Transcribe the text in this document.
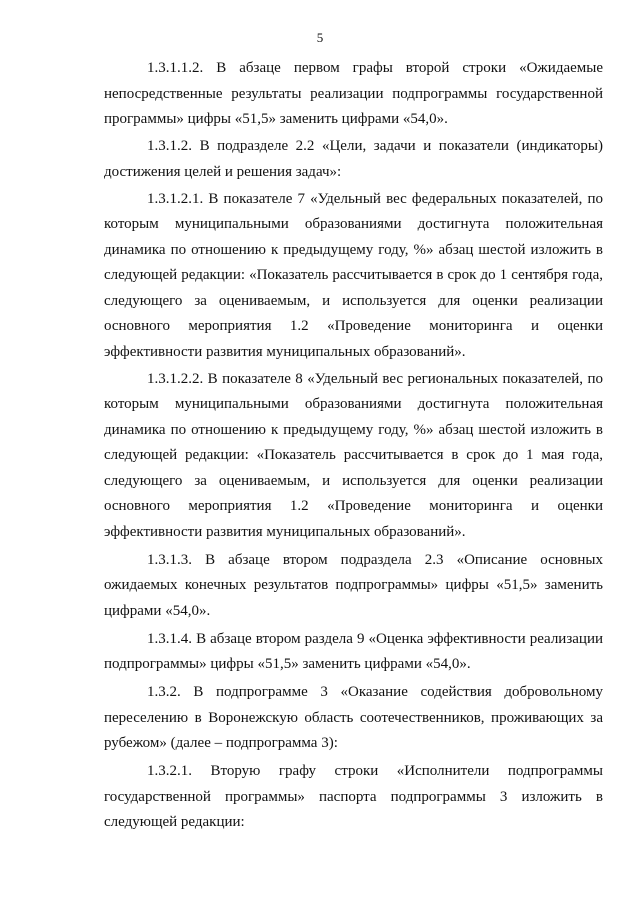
5

1.3.1.1.2. В абзаце первом графы второй строки «Ожидаемые непосредственные результаты реализации подпрограммы государственной программы» цифры «51,5» заменить цифрами «54,0».

1.3.1.2. В подразделе 2.2 «Цели, задачи и показатели (индикаторы) достижения целей и решения задач»:

1.3.1.2.1. В показателе 7 «Удельный вес федеральных показателей, по которым муниципальными образованиями достигнута положительная динамика по отношению к предыдущему году, %» абзац шестой изложить в следующей редакции: «Показатель рассчитывается в срок до 1 сентября года, следующего за оцениваемым, и используется для оценки реализации основного мероприятия 1.2 «Проведение мониторинга и оценки эффективности развития муниципальных образований».

1.3.1.2.2. В показателе 8 «Удельный вес региональных показателей, по которым муниципальными образованиями достигнута положительная динамика по отношению к предыдущему году, %» абзац шестой изложить в следующей редакции: «Показатель рассчитывается в срок до 1 мая года, следующего за оцениваемым, и используется для оценки реализации основного мероприятия 1.2 «Проведение мониторинга и оценки эффективности развития муниципальных образований».

1.3.1.3. В абзаце втором подраздела 2.3 «Описание основных ожидаемых конечных результатов подпрограммы» цифры «51,5» заменить цифрами «54,0».

1.3.1.4. В абзаце втором раздела 9 «Оценка эффективности реализации подпрограммы» цифры «51,5» заменить цифрами «54,0».

1.3.2. В подпрограмме 3 «Оказание содействия добровольному переселению в Воронежскую область соотечественников, проживающих за рубежом» (далее – подпрограмма 3):

1.3.2.1. Вторую графу строки «Исполнители подпрограммы государственной программы» паспорта подпрограммы 3 изложить в следующей редакции:
